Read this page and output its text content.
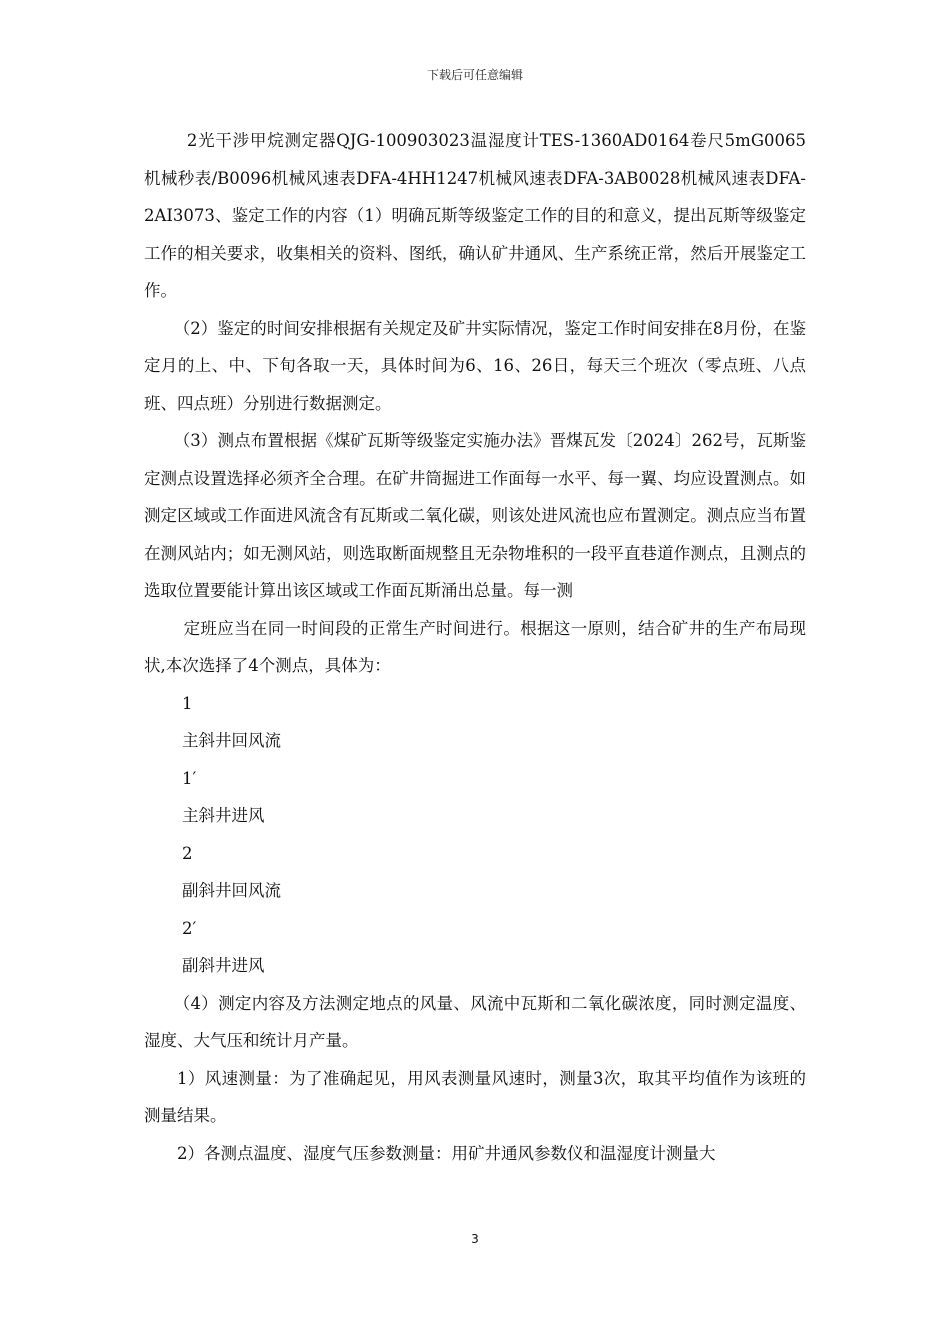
下载后可任意编辑

2光干涉甲烷测定器QJG-100903023温湿度计TES-1360AD0164卷尺5mG0065机械秒表/B0096机械风速表DFA-4HH1247机械风速表DFA-3AB0028机械风速表DFA-2AI3073、鉴定工作的内容（1）明确瓦斯等级鉴定工作的目的和意义，提出瓦斯等级鉴定工作的相关要求，收集相关的资料、图纸，确认矿井通风、生产系统正常，然后开展鉴定工作。

（2）鉴定的时间安排根据有关规定及矿井实际情况，鉴定工作时间安排在8月份，在鉴定月的上、中、下旬各取一天，具体时间为6、16、26日，每天三个班次（零点班、八点班、四点班）分别进行数据测定。

（3）测点布置根据《煤矿瓦斯等级鉴定实施办法》晋煤瓦发〔2024〕262号，瓦斯鉴定测点设置选择必须齐全合理。在矿井筒掘进工作面每一水平、每一翼、均应设置测点。如测定区域或工作面进风流含有瓦斯或二氧化碳，则该处进风流也应布置测定。测点应当布置在测风站内；如无测风站，则选取断面规整且无杂物堆积的一段平直巷道作测点，且测点的选取位置要能计算出该区域或工作面瓦斯涌出总量。每一测

定班应当在同一时间段的正常生产时间进行。根据这一原则，结合矿井的生产布局现状,本次选择了4个测点，具体为：

1

主斜井回风流

1′

主斜井进风

2

副斜井回风流

2′

副斜井进风

（4）测定内容及方法测定地点的风量、风流中瓦斯和二氧化碳浓度，同时测定温度、湿度、大气压和统计月产量。

1）风速测量：为了准确起见，用风表测量风速时，测量3次，取其平均值作为该班的测量结果。

2）各测点温度、湿度气压参数测量：用矿井通风参数仪和温湿度计测量大

3
